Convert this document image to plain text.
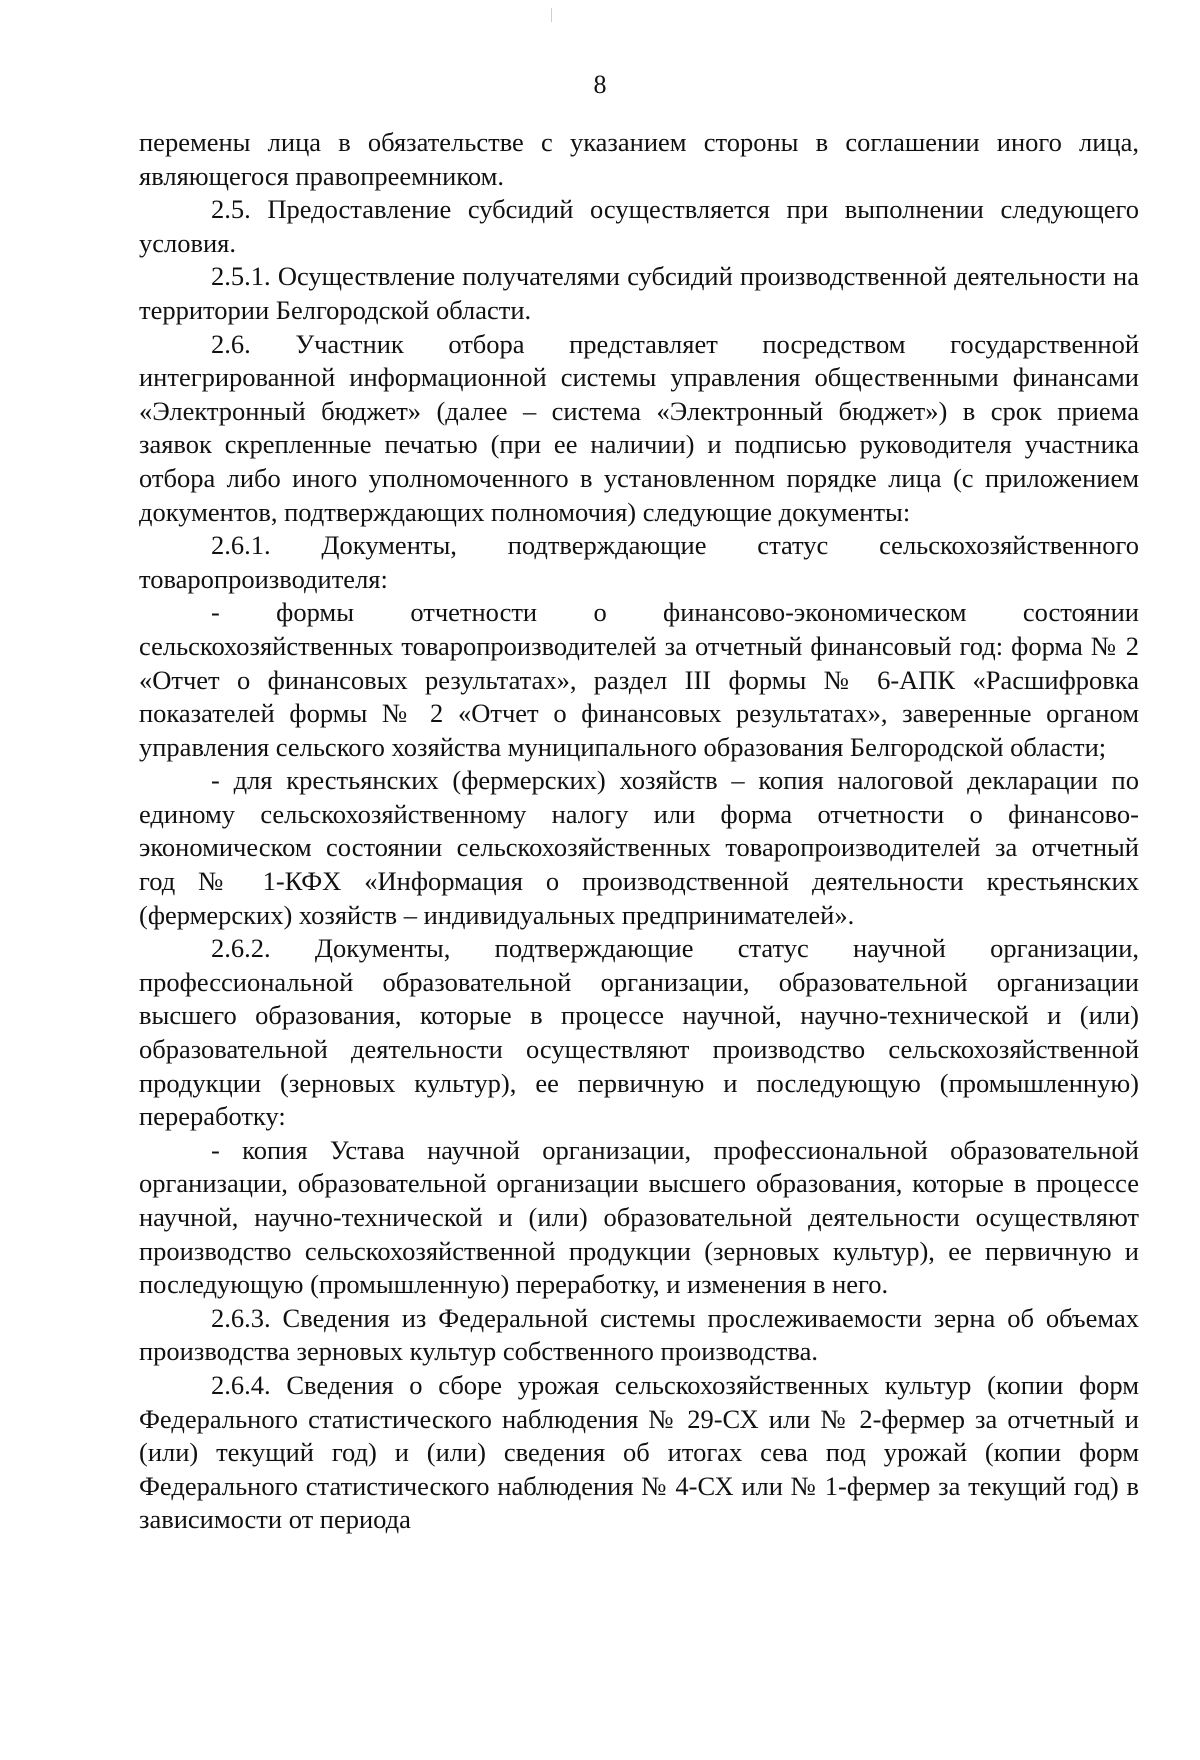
8

перемены лица в обязательстве с указанием стороны в соглашении иного лица, являющегося правопреемником.

2.5. Предоставление субсидий осуществляется при выполнении следующего условия.

2.5.1. Осуществление получателями субсидий производственной деятельности на территории Белгородской области.

2.6. Участник отбора представляет посредством государственной интегрированной информационной системы управления общественными финансами «Электронный бюджет» (далее – система «Электронный бюджет») в срок приема заявок скрепленные печатью (при ее наличии) и подписью руководителя участника отбора либо иного уполномоченного в установленном порядке лица (с приложением документов, подтверждающих полномочия) следующие документы:

2.6.1. Документы, подтверждающие статус сельскохозяйственного товаропроизводителя:

- формы отчетности о финансово-экономическом состоянии сельскохозяйственных товаропроизводителей за отчетный финансовый год: форма № 2 «Отчет о финансовых результатах», раздел III формы № 6-АПК «Расшифровка показателей формы № 2 «Отчет о финансовых результатах», заверенные органом управления сельского хозяйства муниципального образования Белгородской области;

- для крестьянских (фермерских) хозяйств – копия налоговой декларации по единому сельскохозяйственному налогу или форма отчетности о финансово-экономическом состоянии сельскохозяйственных товаропроизводителей за отчетный год № 1-КФХ «Информация о производственной деятельности крестьянских (фермерских) хозяйств – индивидуальных предпринимателей».

2.6.2. Документы, подтверждающие статус научной организации, профессиональной образовательной организации, образовательной организации высшего образования, которые в процессе научной, научно-технической и (или) образовательной деятельности осуществляют производство сельскохозяйственной продукции (зерновых культур), ее первичную и последующую (промышленную) переработку:

- копия Устава научной организации, профессиональной образовательной организации, образовательной организации высшего образования, которые в процессе научной, научно-технической и (или) образовательной деятельности осуществляют производство сельскохозяйственной продукции (зерновых культур), ее первичную и последующую (промышленную) переработку, и изменения в него.

2.6.3. Сведения из Федеральной системы прослеживаемости зерна об объемах производства зерновых культур собственного производства.

2.6.4. Сведения о сборе урожая сельскохозяйственных культур (копии форм Федерального статистического наблюдения № 29-СХ или № 2-фермер за отчетный и (или) текущий год) и (или) сведения об итогах сева под урожай (копии форм Федерального статистического наблюдения № 4-СХ или № 1-фермер за текущий год) в зависимости от периода
